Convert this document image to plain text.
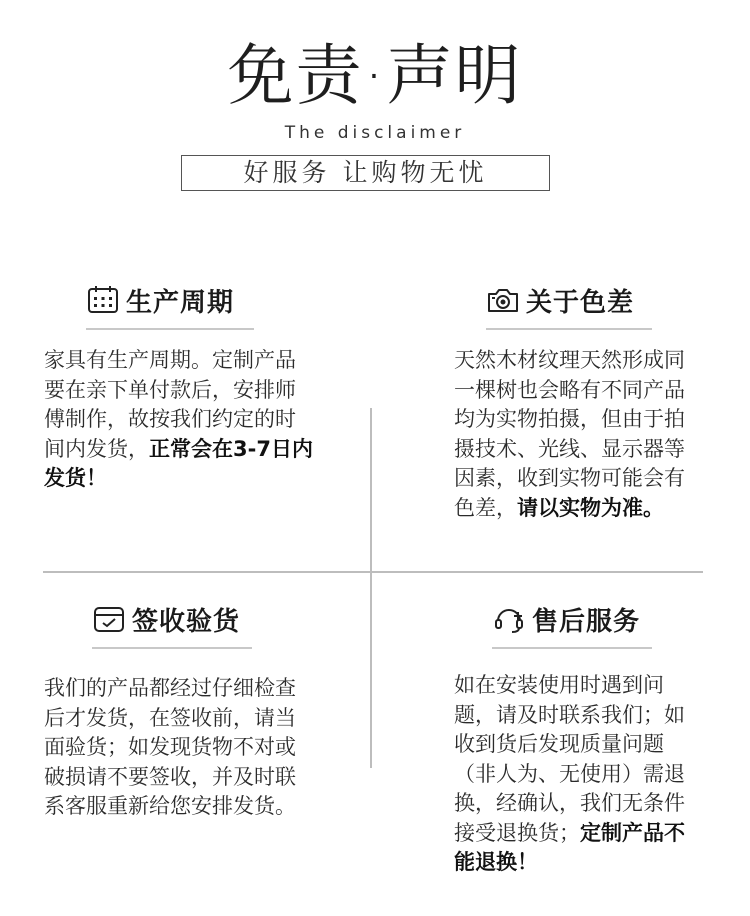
免责·声明
The disclaimer
好服务 让购物无忧
生产周期
家具有生产周期。定制产品要在亲下单付款后，安排师傅制作，故按我们约定的时间内发货，正常会在3-7日内发货！
关于色差
天然木材纹理天然形成同一棵树也会略有不同产品均为实物拍摄，但由于拍摄技术、光线、显示器等因素，收到实物可能会有色差，请以实物为准。
签收验货
我们的产品都经过仔细检查后才发货，在签收前，请当面验货；如发现货物不对或破损请不要签收，并及时联系客服重新给您安排发货。
售后服务
如在安装使用时遇到问题，请及时联系我们；如收到货后发现质量问题（非人为、无使用）需退换，经确认，我们无条件接受退换货；定制产品不能退换！
